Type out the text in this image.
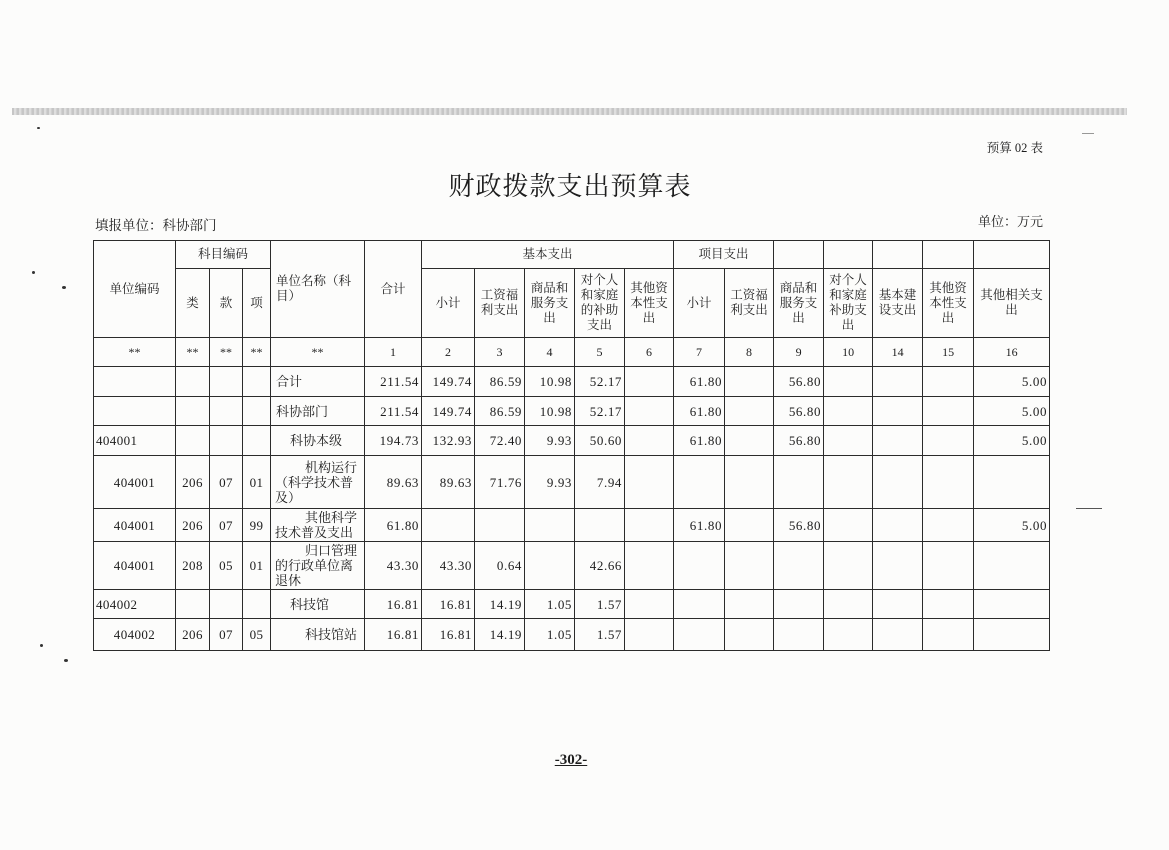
预算 02 表
财政拨款支出预算表
填报单位：科协部门	单位：万元
单位编码	科目编码			单位名称（科目）	合计	基本支出					项目支出						
	类	款	项			小计	工资福利支出	商品和服务支出	对个人和家庭的补助支出	其他资本性支出	小计	工资福利支出	商品和服务支出	对个人和家庭补助支出	基本建设支出	其他资本性支出	其他相关支出
**	**	**	**	**	1	2	3	4	5	6	7	8	9	10	14	15	16
				合计	211.54	149.74	86.59	10.98	52.17		61.80		56.80				5.00
				科协部门	211.54	149.74	86.59	10.98	52.17		61.80		56.80				5.00
404001				科协本级	194.73	132.93	72.40	9.93	50.60		61.80		56.80				5.00
404001	206	07	01	机构运行（科学技术普及）	89.63	89.63	71.76	9.93	7.94								
404001	206	07	99	其他科学技术普及支出	61.80						61.80		56.80				5.00
404001	208	05	01	归口管理的行政单位离退休	43.30	43.30	0.64		42.66								
404002				科技馆	16.81	16.81	14.19	1.05	1.57								
404002	206	07	05	科技馆站	16.81	16.81	14.19	1.05	1.57								
-302-
